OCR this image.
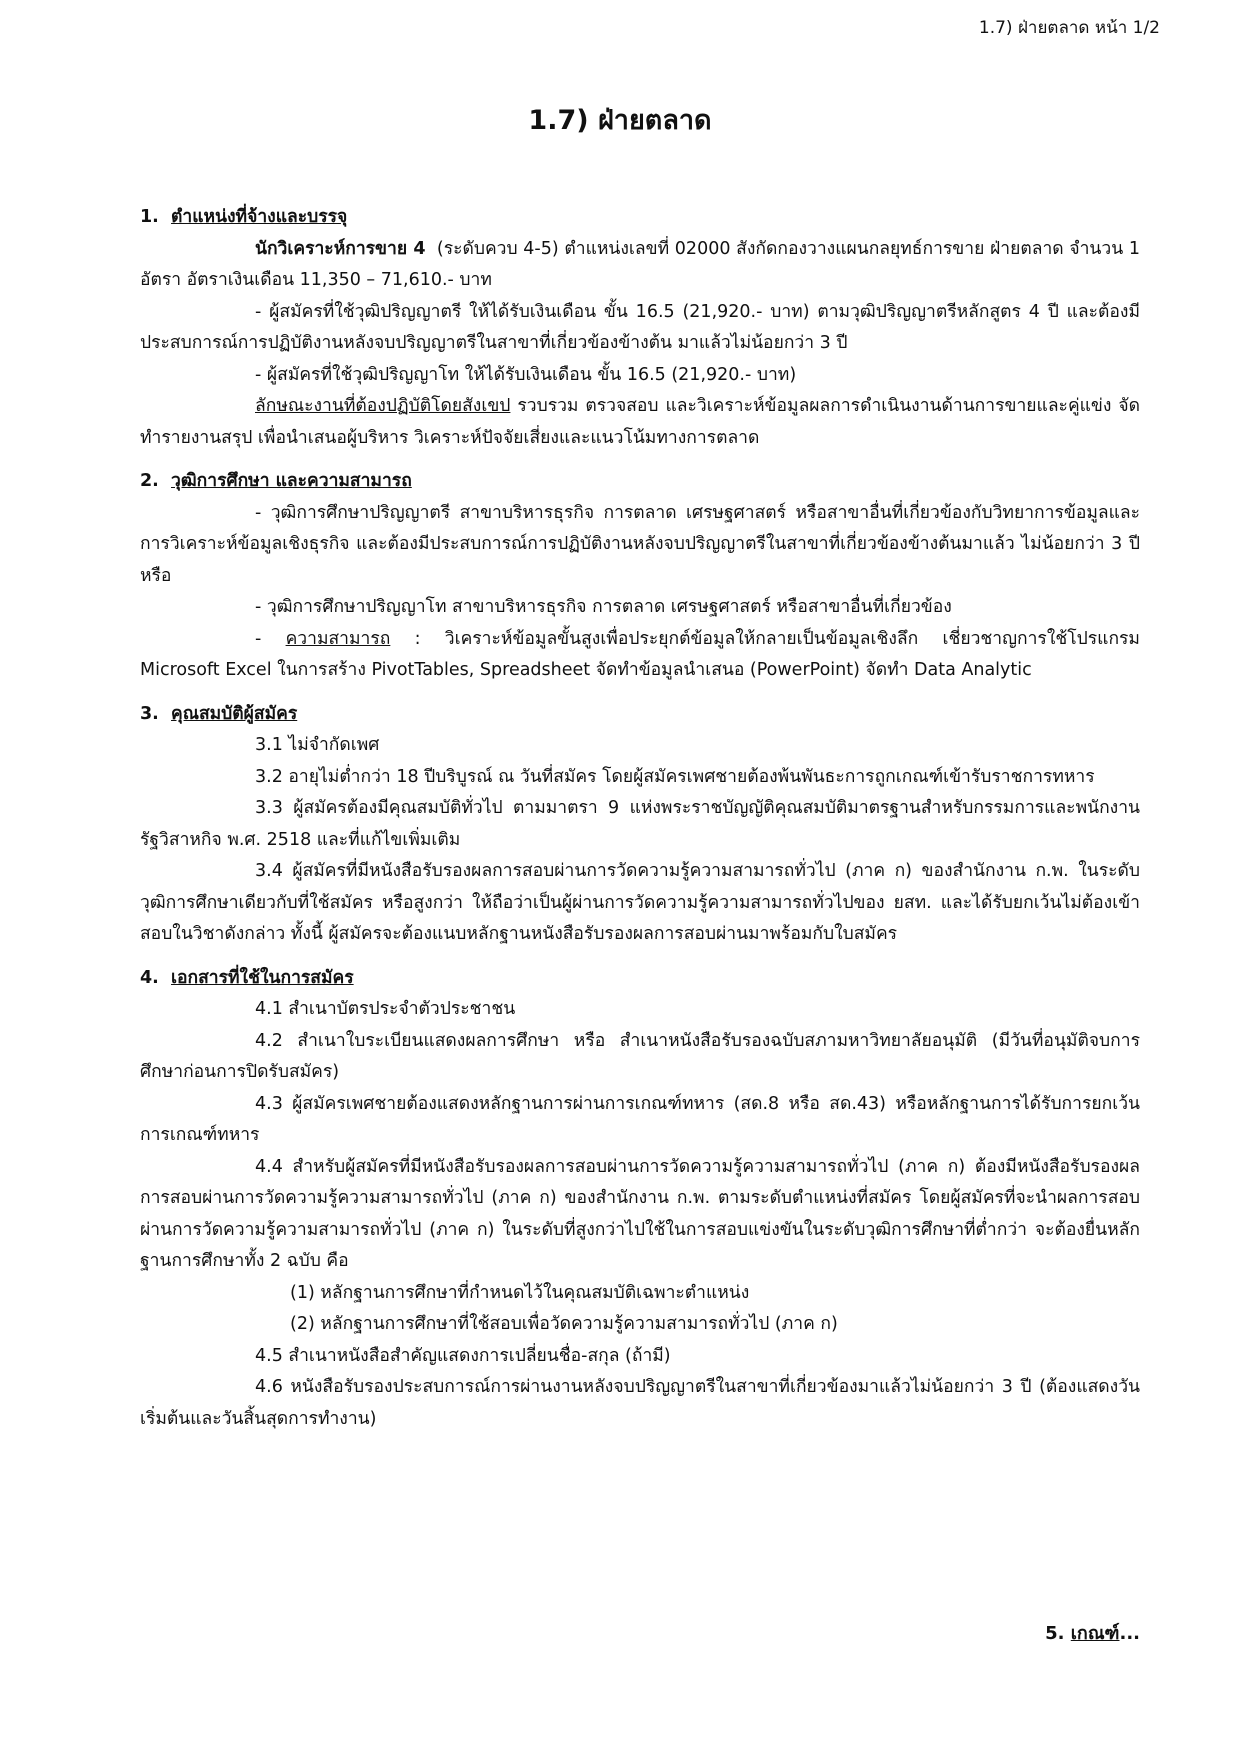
1.7) ฝ่ายตลาด หน้า 1/2
1.7) ฝ่ายตลาด
1. ตำแหน่งที่จ้างและบรรจุ
นักวิเคราะห์การขาย 4 (ระดับควบ 4-5) ตำแหน่งเลขที่ 02000 สังกัดกองวางแผนกลยุทธ์การขาย ฝ่ายตลาด จำนวน 1 อัตรา อัตราเงินเดือน 11,350 – 71,610.- บาท
- ผู้สมัครที่ใช้วุฒิปริญญาตรี ให้ได้รับเงินเดือน ขั้น 16.5 (21,920.- บาท) ตามวุฒิปริญญาตรีหลักสูตร 4 ปี และต้องมีประสบการณ์การปฏิบัติงานหลังจบปริญญาตรีในสาขาที่เกี่ยวข้องข้างต้น มาแล้วไม่น้อยกว่า 3 ปี
- ผู้สมัครที่ใช้วุฒิปริญญาโท ให้ได้รับเงินเดือน ขั้น 16.5 (21,920.- บาท)
ลักษณะงานที่ต้องปฏิบัติโดยสังเขป รวบรวม ตรวจสอบ และวิเคราะห์ข้อมูลผลการดำเนินงานด้านการขายและคู่แข่ง จัดทำรายงานสรุป เพื่อนำเสนอผู้บริหาร วิเคราะห์ปัจจัยเสี่ยงและแนวโน้มทางการตลาด
2. วุฒิการศึกษา และความสามารถ
- วุฒิการศึกษาปริญญาตรี สาขาบริหารธุรกิจ การตลาด เศรษฐศาสตร์ หรือสาขาอื่นที่เกี่ยวข้องกับวิทยาการข้อมูลและการวิเคราะห์ข้อมูลเชิงธุรกิจ และต้องมีประสบการณ์การปฏิบัติงานหลังจบปริญญาตรีในสาขาที่เกี่ยวข้องข้างต้นมาแล้ว ไม่น้อยกว่า 3 ปี หรือ
- วุฒิการศึกษาปริญญาโท สาขาบริหารธุรกิจ การตลาด เศรษฐศาสตร์ หรือสาขาอื่นที่เกี่ยวข้อง
- ความสามารถ : วิเคราะห์ข้อมูลขั้นสูงเพื่อประยุกต์ข้อมูลให้กลายเป็นข้อมูลเชิงลึก เชี่ยวชาญการใช้โปรแกรม Microsoft Excel ในการสร้าง PivotTables, Spreadsheet จัดทำข้อมูลนำเสนอ (PowerPoint) จัดทำ Data Analytic
3. คุณสมบัติผู้สมัคร
3.1 ไม่จำกัดเพศ
3.2 อายุไม่ต่ำกว่า 18 ปีบริบูรณ์ ณ วันที่สมัคร โดยผู้สมัครเพศชายต้องพ้นพันธะการถูกเกณฑ์เข้ารับราชการทหาร
3.3 ผู้สมัครต้องมีคุณสมบัติทั่วไป ตามมาตรา 9 แห่งพระราชบัญญัติคุณสมบัติมาตรฐานสำหรับกรรมการและพนักงานรัฐวิสาหกิจ พ.ศ. 2518 และที่แก้ไขเพิ่มเติม
3.4 ผู้สมัครที่มีหนังสือรับรองผลการสอบผ่านการวัดความรู้ความสามารถทั่วไป (ภาค ก) ของสำนักงาน ก.พ. ในระดับวุฒิการศึกษาเดียวกับที่ใช้สมัคร หรือสูงกว่า ให้ถือว่าเป็นผู้ผ่านการวัดความรู้ความสามารถทั่วไปของ ยสท. และได้รับยกเว้นไม่ต้องเข้าสอบในวิชาดังกล่าว ทั้งนี้ ผู้สมัครจะต้องแนบหลักฐานหนังสือรับรองผลการสอบผ่านมาพร้อมกับใบสมัคร
4. เอกสารที่ใช้ในการสมัคร
4.1 สำเนาบัตรประจำตัวประชาชน
4.2 สำเนาใบระเบียนแสดงผลการศึกษา หรือ สำเนาหนังสือรับรองฉบับสภามหาวิทยาลัยอนุมัติ (มีวันที่อนุมัติจบการศึกษาก่อนการปิดรับสมัคร)
4.3 ผู้สมัครเพศชายต้องแสดงหลักฐานการผ่านการเกณฑ์ทหาร (สด.8 หรือ สด.43) หรือหลักฐานการได้รับการยกเว้นการเกณฑ์ทหาร
4.4 สำหรับผู้สมัครที่มีหนังสือรับรองผลการสอบผ่านการวัดความรู้ความสามารถทั่วไป (ภาค ก) ต้องมีหนังสือรับรองผลการสอบผ่านการวัดความรู้ความสามารถทั่วไป (ภาค ก) ของสำนักงาน ก.พ. ตามระดับตำแหน่งที่สมัคร โดยผู้สมัครที่จะนำผลการสอบผ่านการวัดความรู้ความสามารถทั่วไป (ภาค ก) ในระดับที่สูงกว่าไปใช้ในการสอบแข่งขันในระดับวุฒิการศึกษาที่ต่ำกว่า จะต้องยื่นหลักฐานการศึกษาทั้ง 2 ฉบับ คือ
(1) หลักฐานการศึกษาที่กำหนดไว้ในคุณสมบัติเฉพาะตำแหน่ง
(2) หลักฐานการศึกษาที่ใช้สอบเพื่อวัดความรู้ความสามารถทั่วไป (ภาค ก)
4.5 สำเนาหนังสือสำคัญแสดงการเปลี่ยนชื่อ-สกุล (ถ้ามี)
4.6 หนังสือรับรองประสบการณ์การผ่านงานหลังจบปริญญาตรีในสาขาที่เกี่ยวข้องมาแล้วไม่น้อยกว่า 3 ปี (ต้องแสดงวันเริ่มต้นและวันสิ้นสุดการทำงาน)
5. เกณฑ์...
